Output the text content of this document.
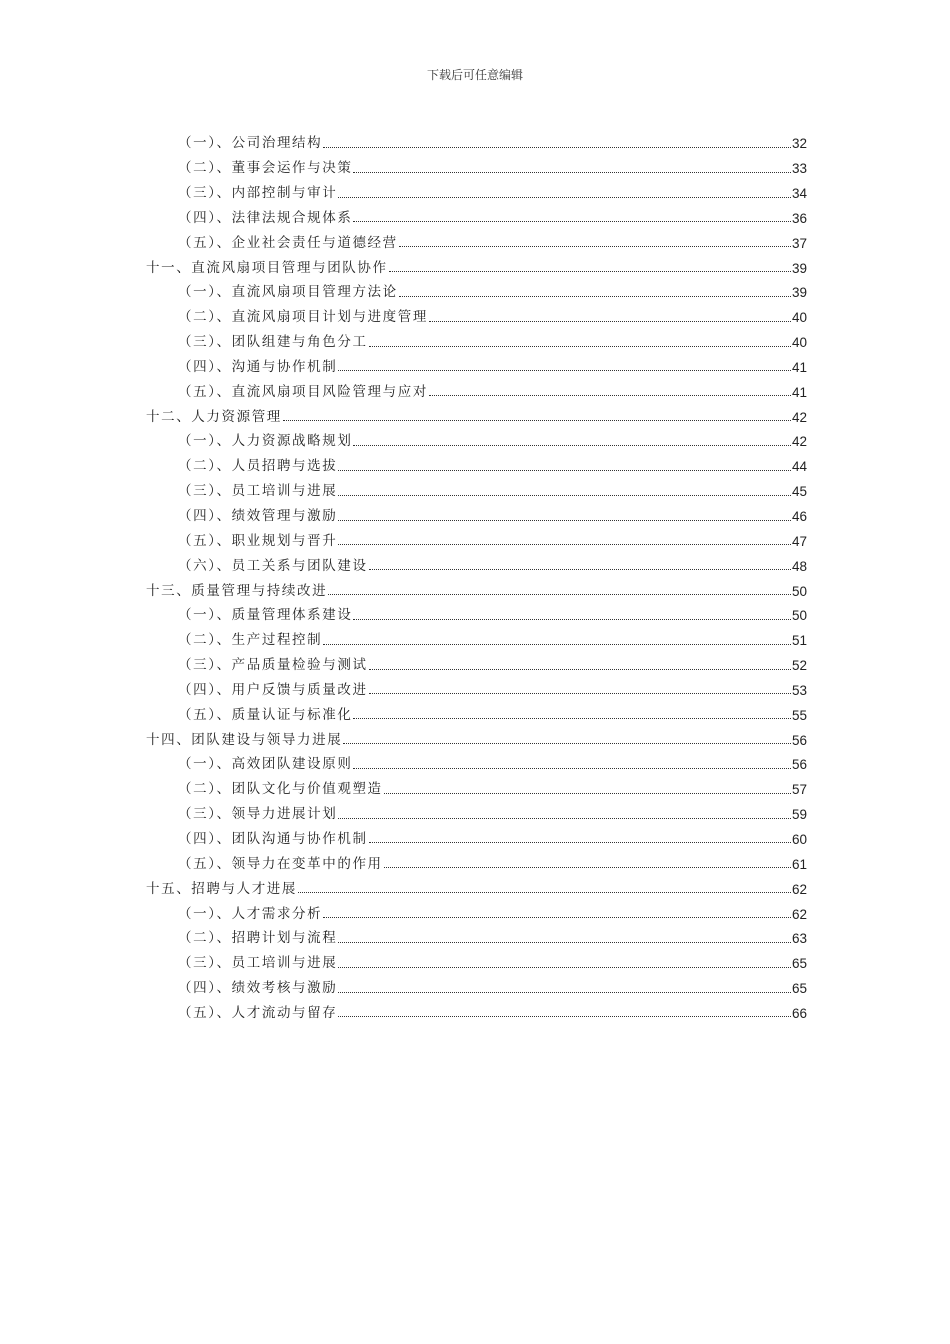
下载后可任意编辑
（一）、公司治理结构	32
（二）、董事会运作与决策	33
（三）、内部控制与审计	34
（四）、法律法规合规体系	36
（五）、企业社会责任与道德经营	37
十一、直流风扇项目管理与团队协作	39
（一）、直流风扇项目管理方法论	39
（二）、直流风扇项目计划与进度管理	40
（三）、团队组建与角色分工	40
（四）、沟通与协作机制	41
（五）、直流风扇项目风险管理与应对	41
十二、人力资源管理	42
（一）、人力资源战略规划	42
（二）、人员招聘与选拔	44
（三）、员工培训与进展	45
（四）、绩效管理与激励	46
（五）、职业规划与晋升	47
（六）、员工关系与团队建设	48
十三、质量管理与持续改进	50
（一）、质量管理体系建设	50
（二）、生产过程控制	51
（三）、产品质量检验与测试	52
（四）、用户反馈与质量改进	53
（五）、质量认证与标准化	55
十四、团队建设与领导力进展	56
（一）、高效团队建设原则	56
（二）、团队文化与价值观塑造	57
（三）、领导力进展计划	59
（四）、团队沟通与协作机制	60
（五）、领导力在变革中的作用	61
十五、招聘与人才进展	62
（一）、人才需求分析	62
（二）、招聘计划与流程	63
（三）、员工培训与进展	65
（四）、绩效考核与激励	65
（五）、人才流动与留存	66
